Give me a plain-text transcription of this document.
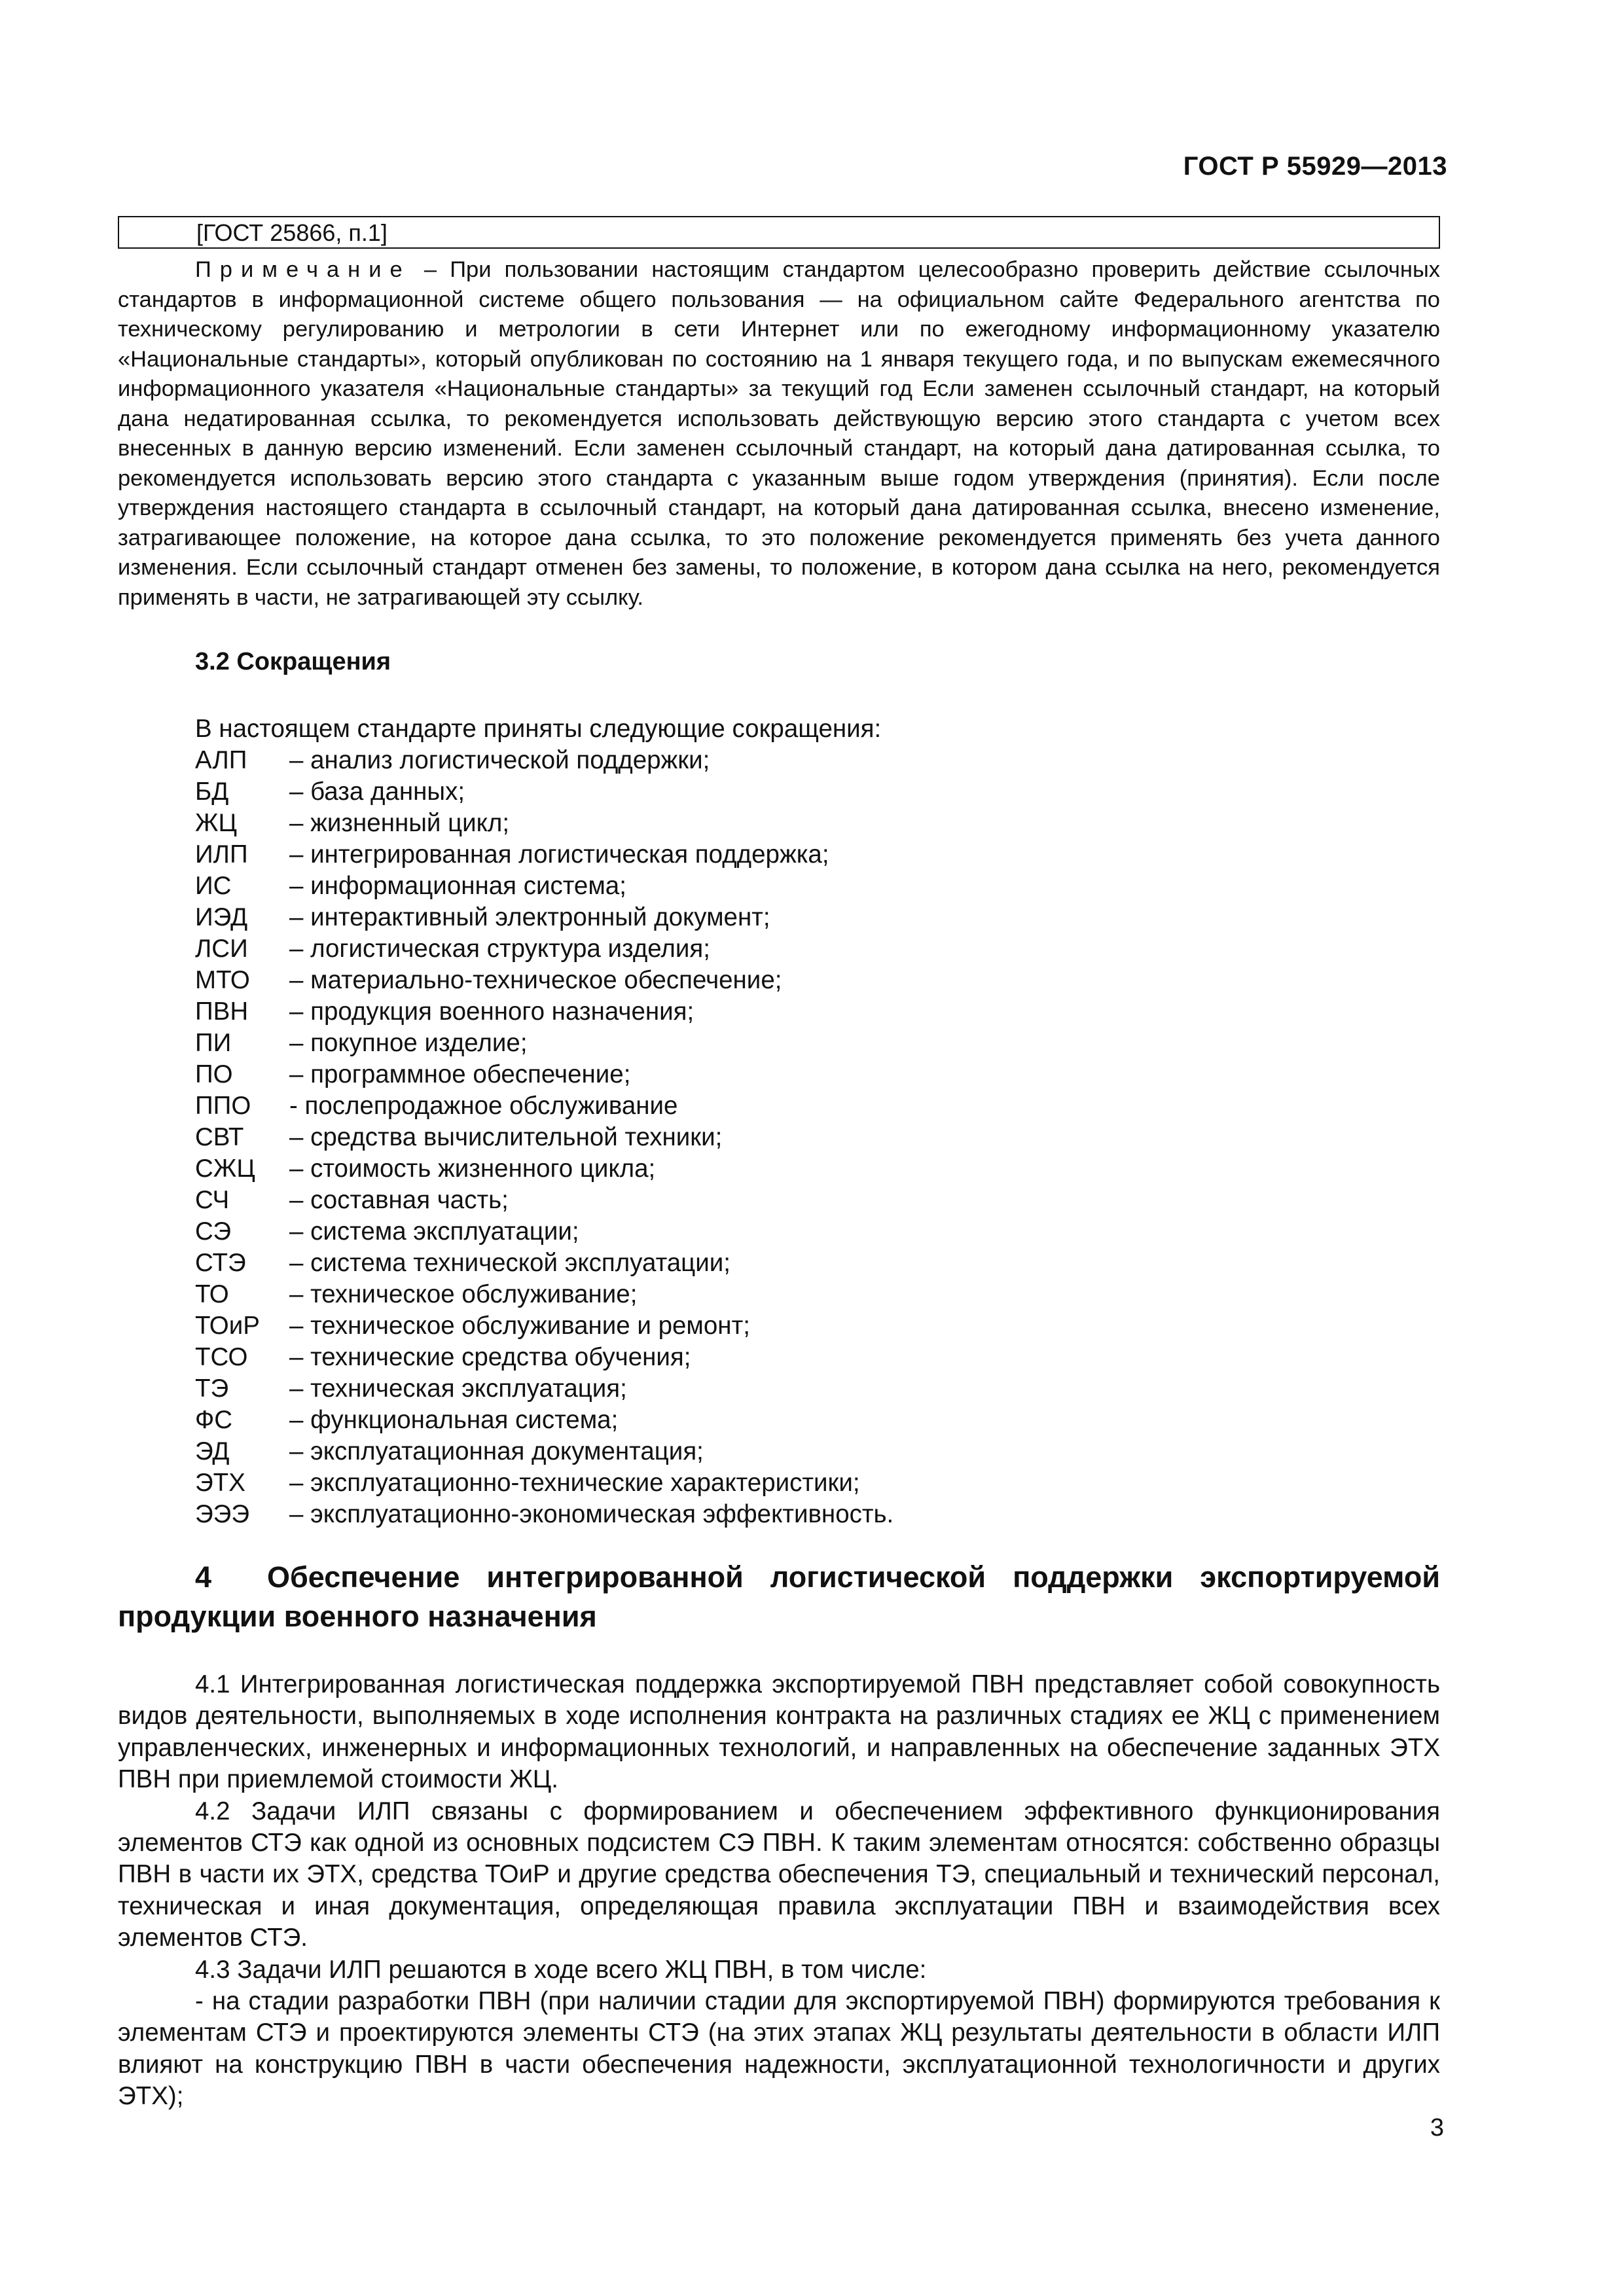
ГОСТ Р 55929—2013
[ГОСТ 25866, п.1]
Примечание – При пользовании настоящим стандартом целесообразно проверить действие ссылочных стандартов в информационной системе общего пользования — на официальном сайте Федерального агентства по техническому регулированию и метрологии в сети Интернет или по ежегодному информационному указателю «Национальные стандарты», который опубликован по состоянию на 1 января текущего года, и по выпускам ежемесячного информационного указателя «Национальные стандарты» за текущий год Если заменен ссылочный стандарт, на который дана недатированная ссылка, то рекомендуется использовать действующую версию этого стандарта с учетом всех внесенных в данную версию изменений. Если заменен ссылочный стандарт, на который дана датированная ссылка, то рекомендуется использовать версию этого стандарта с указанным выше годом утверждения (принятия). Если после утверждения настоящего стандарта в ссылочный стандарт, на который дана датированная ссылка, внесено изменение, затрагивающее положение, на которое дана ссылка, то это положение рекомендуется применять без учета данного изменения. Если ссылочный стандарт отменен без замены, то положение, в котором дана ссылка на него, рекомендуется применять в части, не затрагивающей эту ссылку.
3.2 Сокращения
В настоящем стандарте приняты следующие сокращения:
АЛП – анализ логистической поддержки;
БД – база данных;
ЖЦ – жизненный цикл;
ИЛП – интегрированная логистическая поддержка;
ИС – информационная система;
ИЭД – интерактивный электронный документ;
ЛСИ – логистическая структура изделия;
МТО – материально-техническое обеспечение;
ПВН – продукция военного назначения;
ПИ – покупное изделие;
ПО – программное обеспечение;
ППО - послепродажное обслуживание
СВТ – средства вычислительной техники;
СЖЦ – стоимость жизненного цикла;
СЧ – составная часть;
СЭ – система эксплуатации;
СТЭ – система технической эксплуатации;
ТО – техническое обслуживание;
ТОиР – техническое обслуживание и ремонт;
ТСО – технические средства обучения;
ТЭ – техническая эксплуатация;
ФС – функциональная система;
ЭД – эксплуатационная документация;
ЭТХ – эксплуатационно-технические характеристики;
ЭЭЭ – эксплуатационно-экономическая эффективность.
4 Обеспечение интегрированной логистической поддержки экспортируемой продукции военного назначения

4.1 Интегрированная логистическая поддержка экспортируемой ПВН представляет собой совокупность видов деятельности, выполняемых в ходе исполнения контракта на различных стадиях ее ЖЦ с применением управленческих, инженерных и информационных технологий, и направленных на обеспечение заданных ЭТХ ПВН при приемлемой стоимости ЖЦ.

4.2 Задачи ИЛП связаны с формированием и обеспечением эффективного функционирования элементов СТЭ как одной из основных подсистем СЭ ПВН. К таким элементам относятся: собственно образцы ПВН в части их ЭТХ, средства ТОиР и другие средства обеспечения ТЭ, специальный и технический персонал, техническая и иная документация, определяющая правила эксплуатации ПВН и взаимодействия всех элементов СТЭ.

4.3 Задачи ИЛП решаются в ходе всего ЖЦ ПВН, в том числе:

- на стадии разработки ПВН (при наличии стадии для экспортируемой ПВН) формируются требования к элементам СТЭ и проектируются элементы СТЭ (на этих этапах ЖЦ результаты деятельности в области ИЛП влияют на конструкцию ПВН в части обеспечения надежности, эксплуатационной технологичности и других ЭТХ);

3
